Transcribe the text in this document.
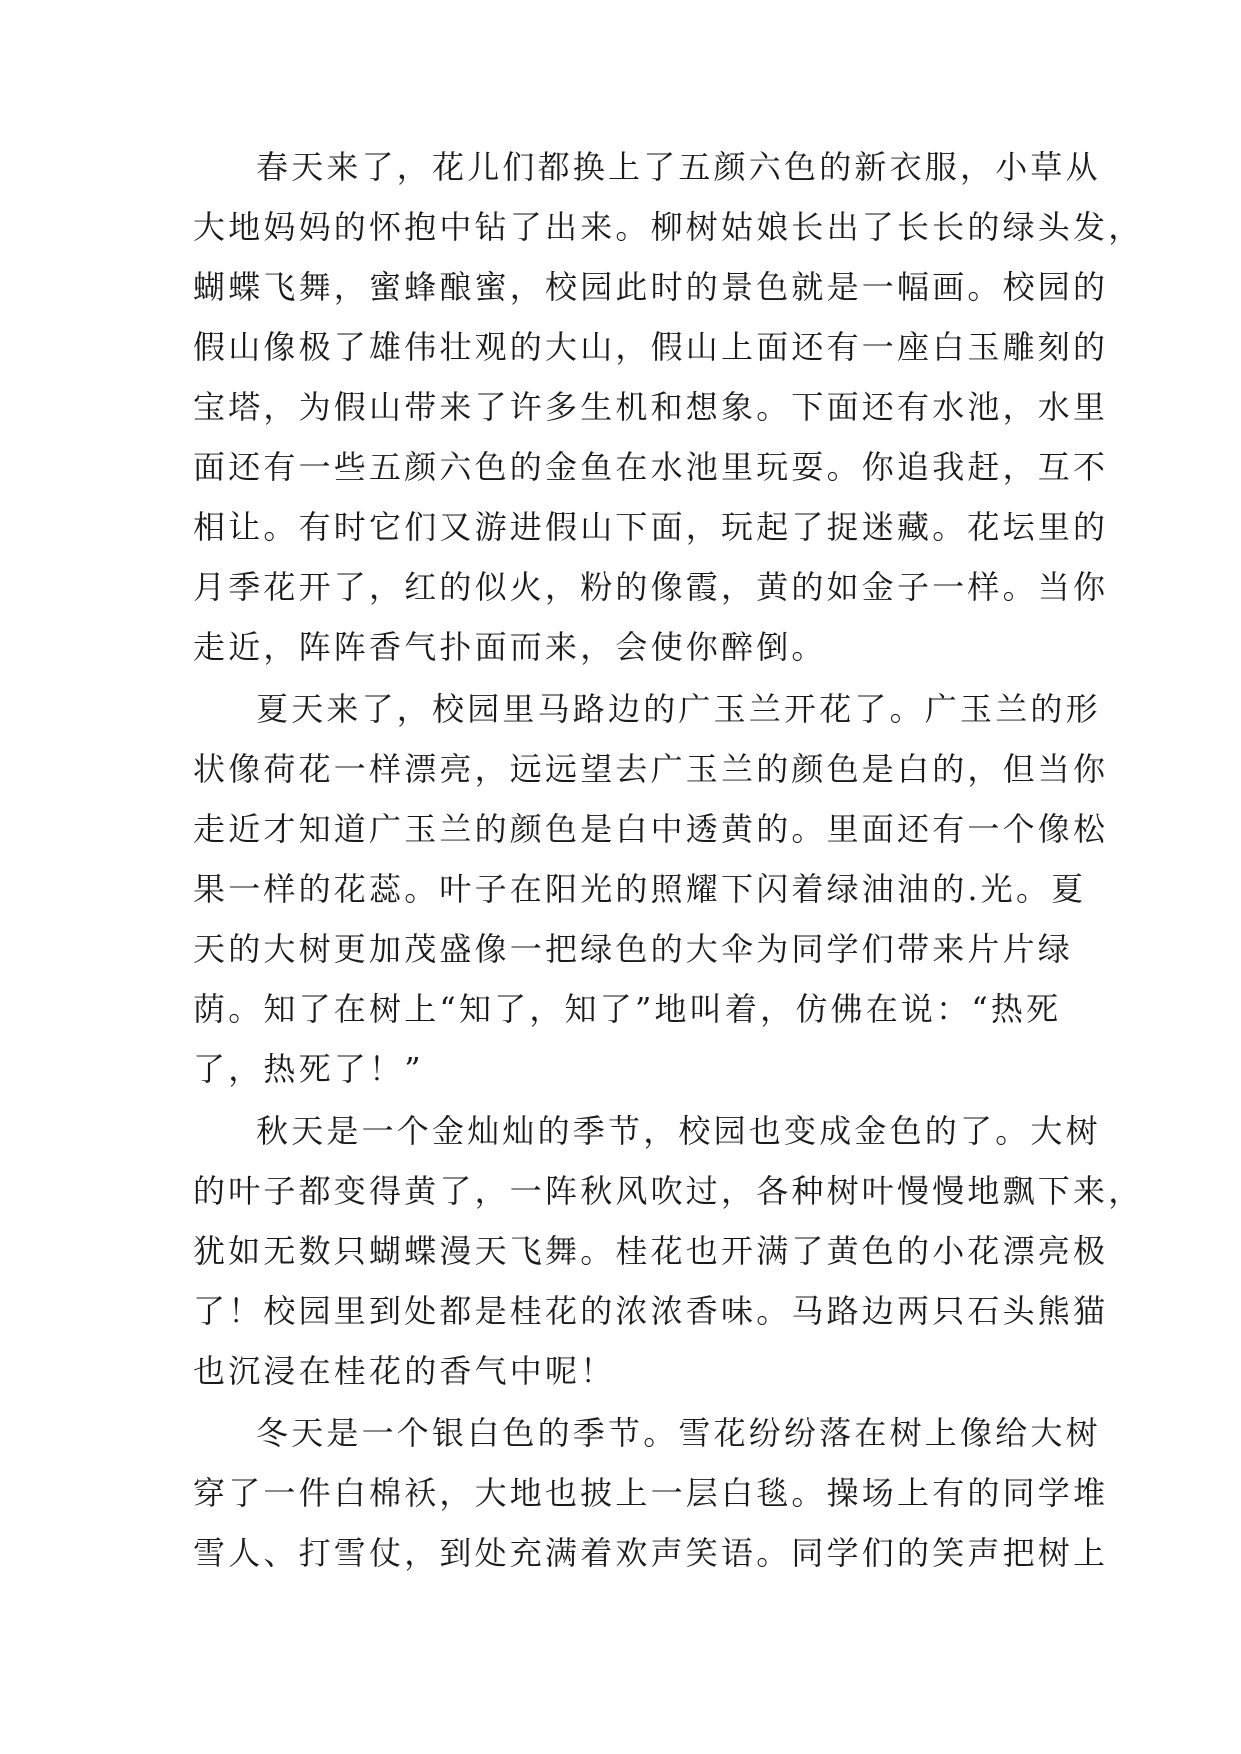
春天来了，花儿们都换上了五颜六色的新衣服，小草从
大地妈妈的怀抱中钻了出来。柳树姑娘长出了长长的绿头发，
蝴蝶飞舞，蜜蜂酿蜜，校园此时的景色就是一幅画。校园的
假山像极了雄伟壮观的大山，假山上面还有一座白玉雕刻的
宝塔，为假山带来了许多生机和想象。下面还有水池，水里
面还有一些五颜六色的金鱼在水池里玩耍。你追我赶，互不
相让。有时它们又游进假山下面，玩起了捉迷藏。花坛里的
月季花开了，红的似火，粉的像霞，黄的如金子一样。当你
走近，阵阵香气扑面而来，会使你醉倒。
夏天来了，校园里马路边的广玉兰开花了。广玉兰的形
状像荷花一样漂亮，远远望去广玉兰的颜色是白的，但当你
走近才知道广玉兰的颜色是白中透黄的。里面还有一个像松
果一样的花蕊。叶子在阳光的照耀下闪着绿油油的.光。夏
天的大树更加茂盛像一把绿色的大伞为同学们带来片片绿
荫。知了在树上“知了，知了”地叫着，仿佛在说：“热死
了，热死了！”
秋天是一个金灿灿的季节，校园也变成金色的了。大树
的叶子都变得黄了，一阵秋风吹过，各种树叶慢慢地飘下来，
犹如无数只蝴蝶漫天飞舞。桂花也开满了黄色的小花漂亮极
了！校园里到处都是桂花的浓浓香味。马路边两只石头熊猫
也沉浸在桂花的香气中呢！
冬天是一个银白色的季节。雪花纷纷落在树上像给大树
穿了一件白棉袄，大地也披上一层白毯。操场上有的同学堆
雪人、打雪仗，到处充满着欢声笑语。同学们的笑声把树上
